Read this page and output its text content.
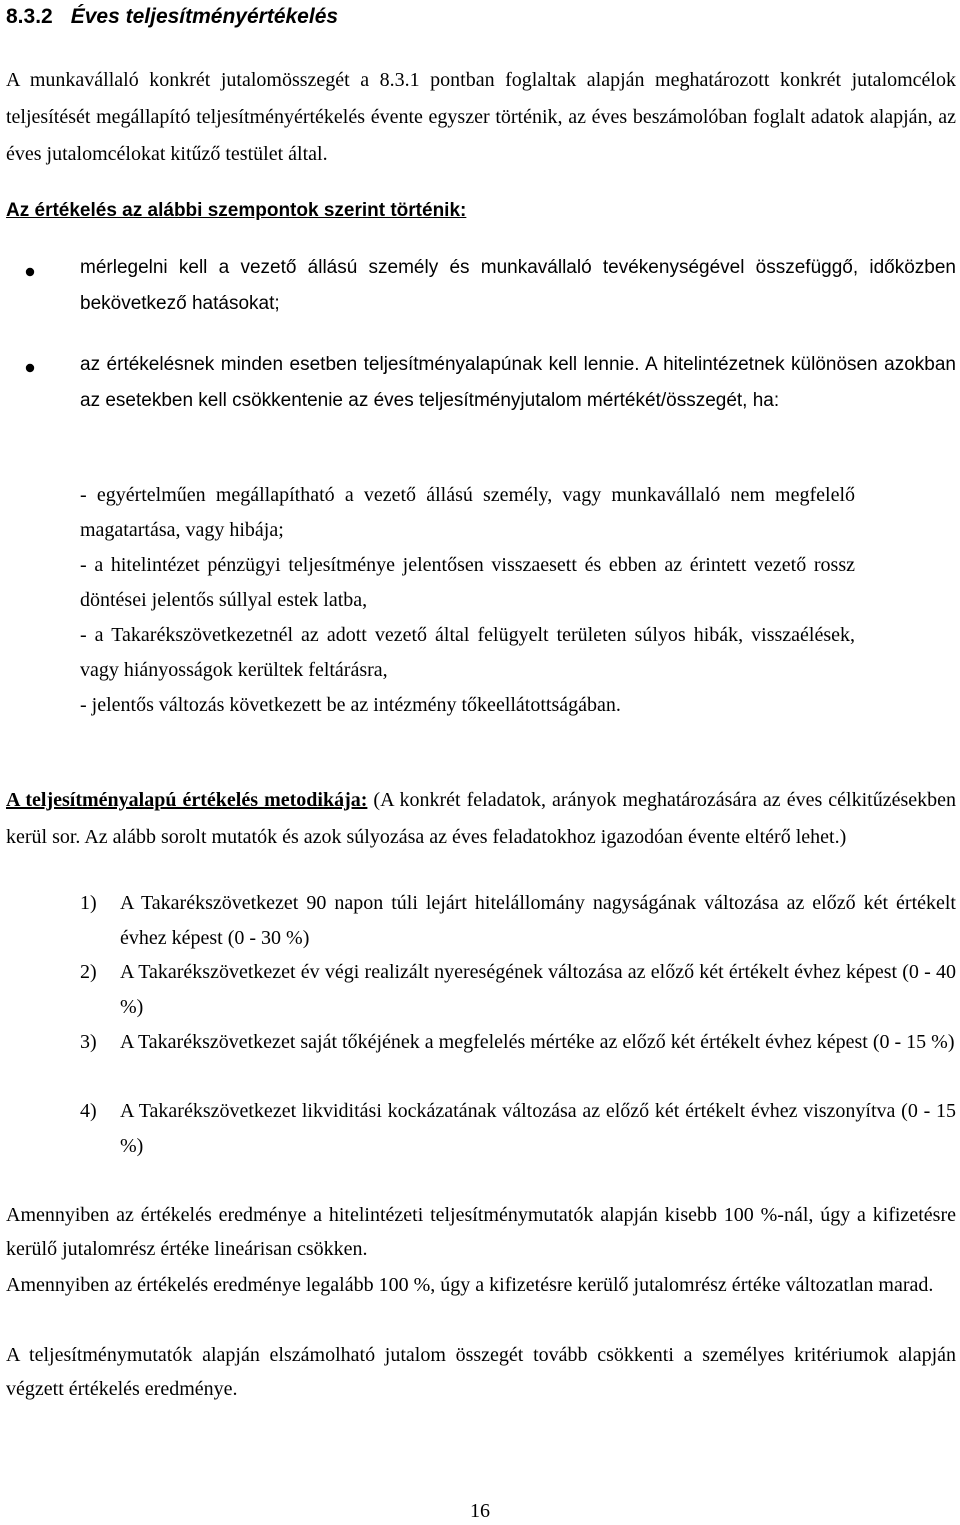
8.3.2 Éves teljesítményértékelés

A munkavállaló konkrét jutalomösszegét a 8.3.1 pontban foglaltak alapján meghatározott konkrét jutalomcélok teljesítését megállapító teljesítményértékelés évente egyszer történik, az éves beszámolóban foglalt adatok alapján, az éves jutalomcélokat kitűző testület által.

Az értékelés az alábbi szempontok szerint történik:

mérlegelni kell a vezető állású személy és munkavállaló tevékenységével összefüggő, időközben bekövetkező hatásokat;
az értékelésnek minden esetben teljesítményalapúnak kell lennie. A hitelintézetnek különösen azokban az esetekben kell csökkentenie az éves teljesítményjutalom mértékét/összegét, ha:
- egyértelműen megállapítható a vezető állású személy, vagy munkavállaló nem megfelelő magatartása, vagy hibája;
- a hitelintézet pénzügyi teljesítménye jelentősen visszaesett és ebben az érintett vezető rossz döntései jelentős súllyal estek latba,
- a Takarékszövetkezetnél az adott vezető által felügyelt területen súlyos hibák, visszaélések, vagy hiányosságok kerültek feltárásra,
- jelentős változás következett be az intézmény tőkeellátottságában.

A teljesítményalapú értékelés metodikája: (A konkrét feladatok, arányok meghatározására az éves célkitűzésekben kerül sor. Az alább sorolt mutatók és azok súlyozása az éves feladatokhoz igazodóan évente eltérő lehet.)

1) A Takarékszövetkezet 90 napon túli lejárt hitelállomány nagyságának változása az előző két értékelt évhez képest (0 - 30 %)
2) A Takarékszövetkezet év végi realizált nyereségének változása az előző két értékelt évhez képest (0 - 40 %)
3) A Takarékszövetkezet saját tőkéjének a megfelelés mértéke az előző két értékelt évhez képest (0 - 15 %)
4) A Takarékszövetkezet likviditási kockázatának változása az előző két értékelt évhez viszonyítva (0 - 15 %)

Amennyiben az értékelés eredménye a hitelintézeti teljesítménymutatók alapján kisebb 100 %-nál, úgy a kifizetésre kerülő jutalomrész értéke lineárisan csökken.

Amennyiben az értékelés eredménye legalább 100 %, úgy a kifizetésre kerülő jutalomrész értéke változatlan marad.

A teljesítménymutatók alapján elszámolható jutalom összegét tovább csökkenti a személyes kritériumok alapján végzett értékelés eredménye.

16
